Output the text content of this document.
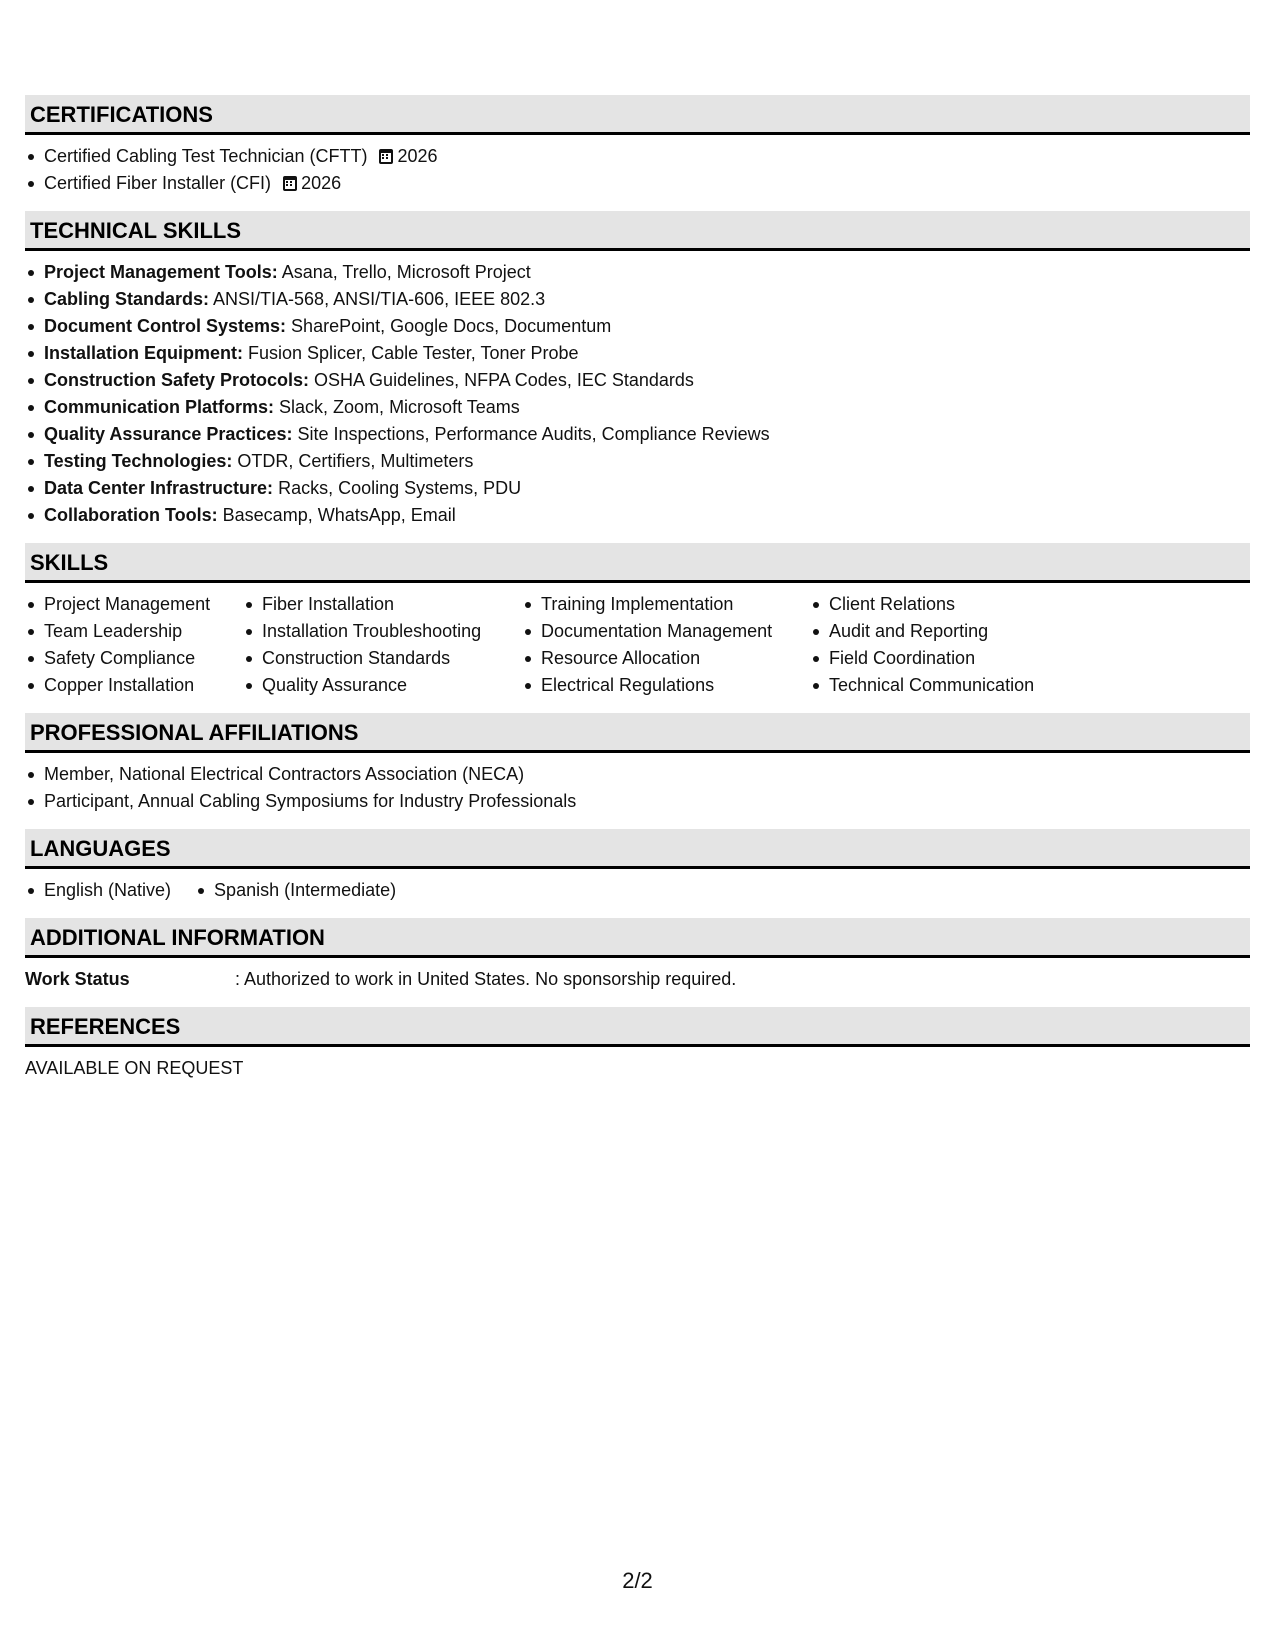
CERTIFICATIONS
Certified Cabling Test Technician (CFTT) 2026
Certified Fiber Installer (CFI) 2026
TECHNICAL SKILLS
Project Management Tools: Asana, Trello, Microsoft Project
Cabling Standards: ANSI/TIA-568, ANSI/TIA-606, IEEE 802.3
Document Control Systems: SharePoint, Google Docs, Documentum
Installation Equipment: Fusion Splicer, Cable Tester, Toner Probe
Construction Safety Protocols: OSHA Guidelines, NFPA Codes, IEC Standards
Communication Platforms: Slack, Zoom, Microsoft Teams
Quality Assurance Practices: Site Inspections, Performance Audits, Compliance Reviews
Testing Technologies: OTDR, Certifiers, Multimeters
Data Center Infrastructure: Racks, Cooling Systems, PDU
Collaboration Tools: Basecamp, WhatsApp, Email
SKILLS
Project Management
Team Leadership
Safety Compliance
Copper Installation
Fiber Installation
Installation Troubleshooting
Construction Standards
Quality Assurance
Training Implementation
Documentation Management
Resource Allocation
Electrical Regulations
Client Relations
Audit and Reporting
Field Coordination
Technical Communication
PROFESSIONAL AFFILIATIONS
Member, National Electrical Contractors Association (NECA)
Participant, Annual Cabling Symposiums for Industry Professionals
LANGUAGES
English (Native)	Spanish (Intermediate)
ADDITIONAL INFORMATION
Work Status	: Authorized to work in United States. No sponsorship required.
REFERENCES
AVAILABLE ON REQUEST
2/2
